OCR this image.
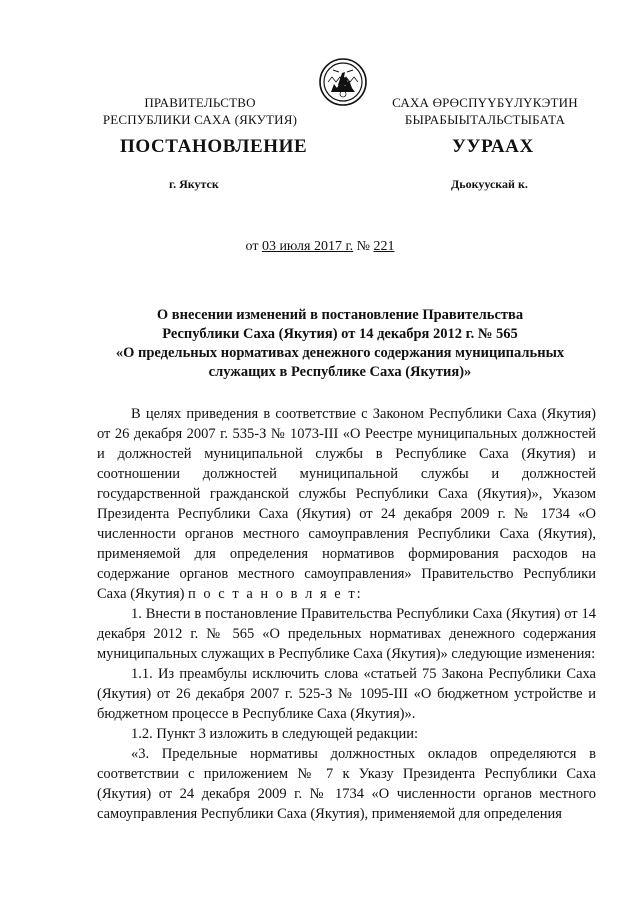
ПРАВИТЕЛЬСТВО
РЕСПУБЛИКИ САХА (ЯКУТИЯ)
САХА ӨРӨСПҮҮБҮЛҮКЭТИН
БЫРАБЫЫТАЛЬСТЫБАТА
ПОСТАНОВЛЕНИЕ	УУРААХ
г. Якутск	Дьокуускай к.
от 03 июля 2017 г. № 221
О внесении изменений в постановление Правительства
Республики Саха (Якутия) от 14 декабря 2012 г. № 565
«О предельных нормативах денежного содержания муниципальных
служащих в Республике Саха (Якутия)»

В целях приведения в соответствие с Законом Республики Саха (Якутия) от 26 декабря 2007 г. 535-З № 1073-III «О Реестре муниципальных должностей и должностей муниципальной службы в Республике Саха (Якутия) и соотношении должностей муниципальной службы и должностей государственной гражданской службы Республики Саха (Якутия)», Указом Президента Республики Саха (Якутия) от 24 декабря 2009 г. № 1734 «О численности органов местного самоуправления Республики Саха (Якутия), применяемой для определения нормативов формирования расходов на содержание органов местного самоуправления» Правительство Республики Саха (Якутия) п о с т а н о в л я е т:

1. Внести в постановление Правительства Республики Саха (Якутия) от 14 декабря 2012 г. № 565 «О предельных нормативах денежного содержания муниципальных служащих в Республике Саха (Якутия)» следующие изменения:

1.1. Из преамбулы исключить слова «статьей 75 Закона Республики Саха (Якутия) от 26 декабря 2007 г. 525-З № 1095-III «О бюджетном устройстве и бюджетном процессе в Республике Саха (Якутия)».

1.2. Пункт 3 изложить в следующей редакции:

«3. Предельные нормативы должностных окладов определяются в соответствии с приложением № 7 к Указу Президента Республики Саха (Якутия) от 24 декабря 2009 г. № 1734 «О численности органов местного самоуправления Республики Саха (Якутия), применяемой для определения
